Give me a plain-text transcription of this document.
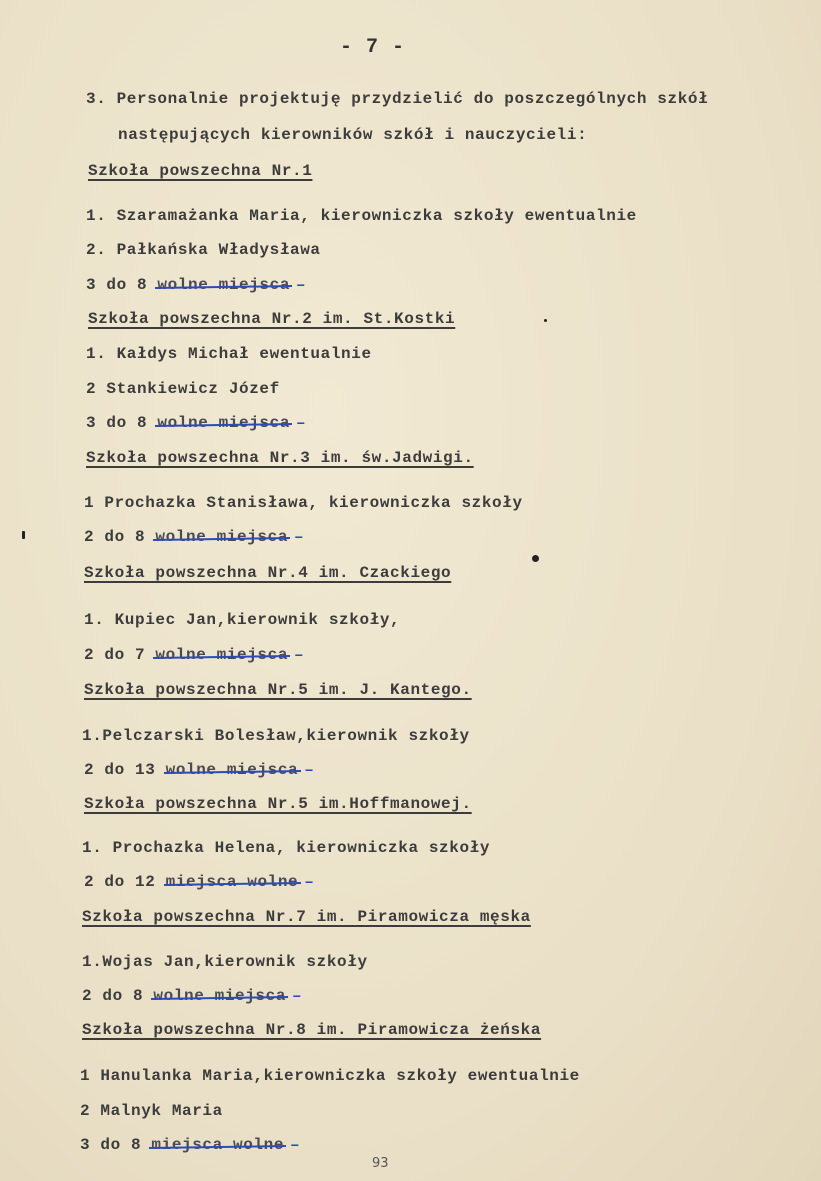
- 7 -
3. Personalnie projektuję przydzielić do poszczególnych szkół
następujących kierowników szkół i nauczycieli:
Szkoła powszechna Nr.1
1. Szaramażanka Maria, kierowniczka szkoły ewentualnie
2. Pałkańska Władysława
3 do 8 wolne miejsca –
Szkoła powszechna Nr.2 im. St.Kostki
1. Kałdys Michał ewentualnie
2 Stankiewicz Józef
3 do 8 wolne miejsca –
Szkoła powszechna Nr.3 im. św.Jadwigi.
1 Prochazka Stanisława, kierowniczka szkoły
2 do 8 wolne miejsca –
Szkoła powszechna Nr.4 im. Czackiego
1. Kupiec Jan,kierownik szkoły,
2 do 7 wolne miejsca –
Szkoła powszechna Nr.5 im. J. Kantego.
1.Pelczarski Bolesław,kierownik szkoły
2 do 13 wolne miejsca –
Szkoła powszechna Nr.5 im.Hoffmanowej.
1. Prochazka Helena, kierowniczka szkoły
2 do 12 miejsca wolne –
Szkoła powszechna Nr.7 im. Piramowicza męska
1.Wojas Jan,kierownik szkoły
2 do 8 wolne miejsca –
Szkoła powszechna Nr.8 im. Piramowicza żeńska
1 Hanulanka Maria,kierowniczka szkoły ewentualnie
2 Malnyk Maria
3 do 8 miejsca wolne –
93
